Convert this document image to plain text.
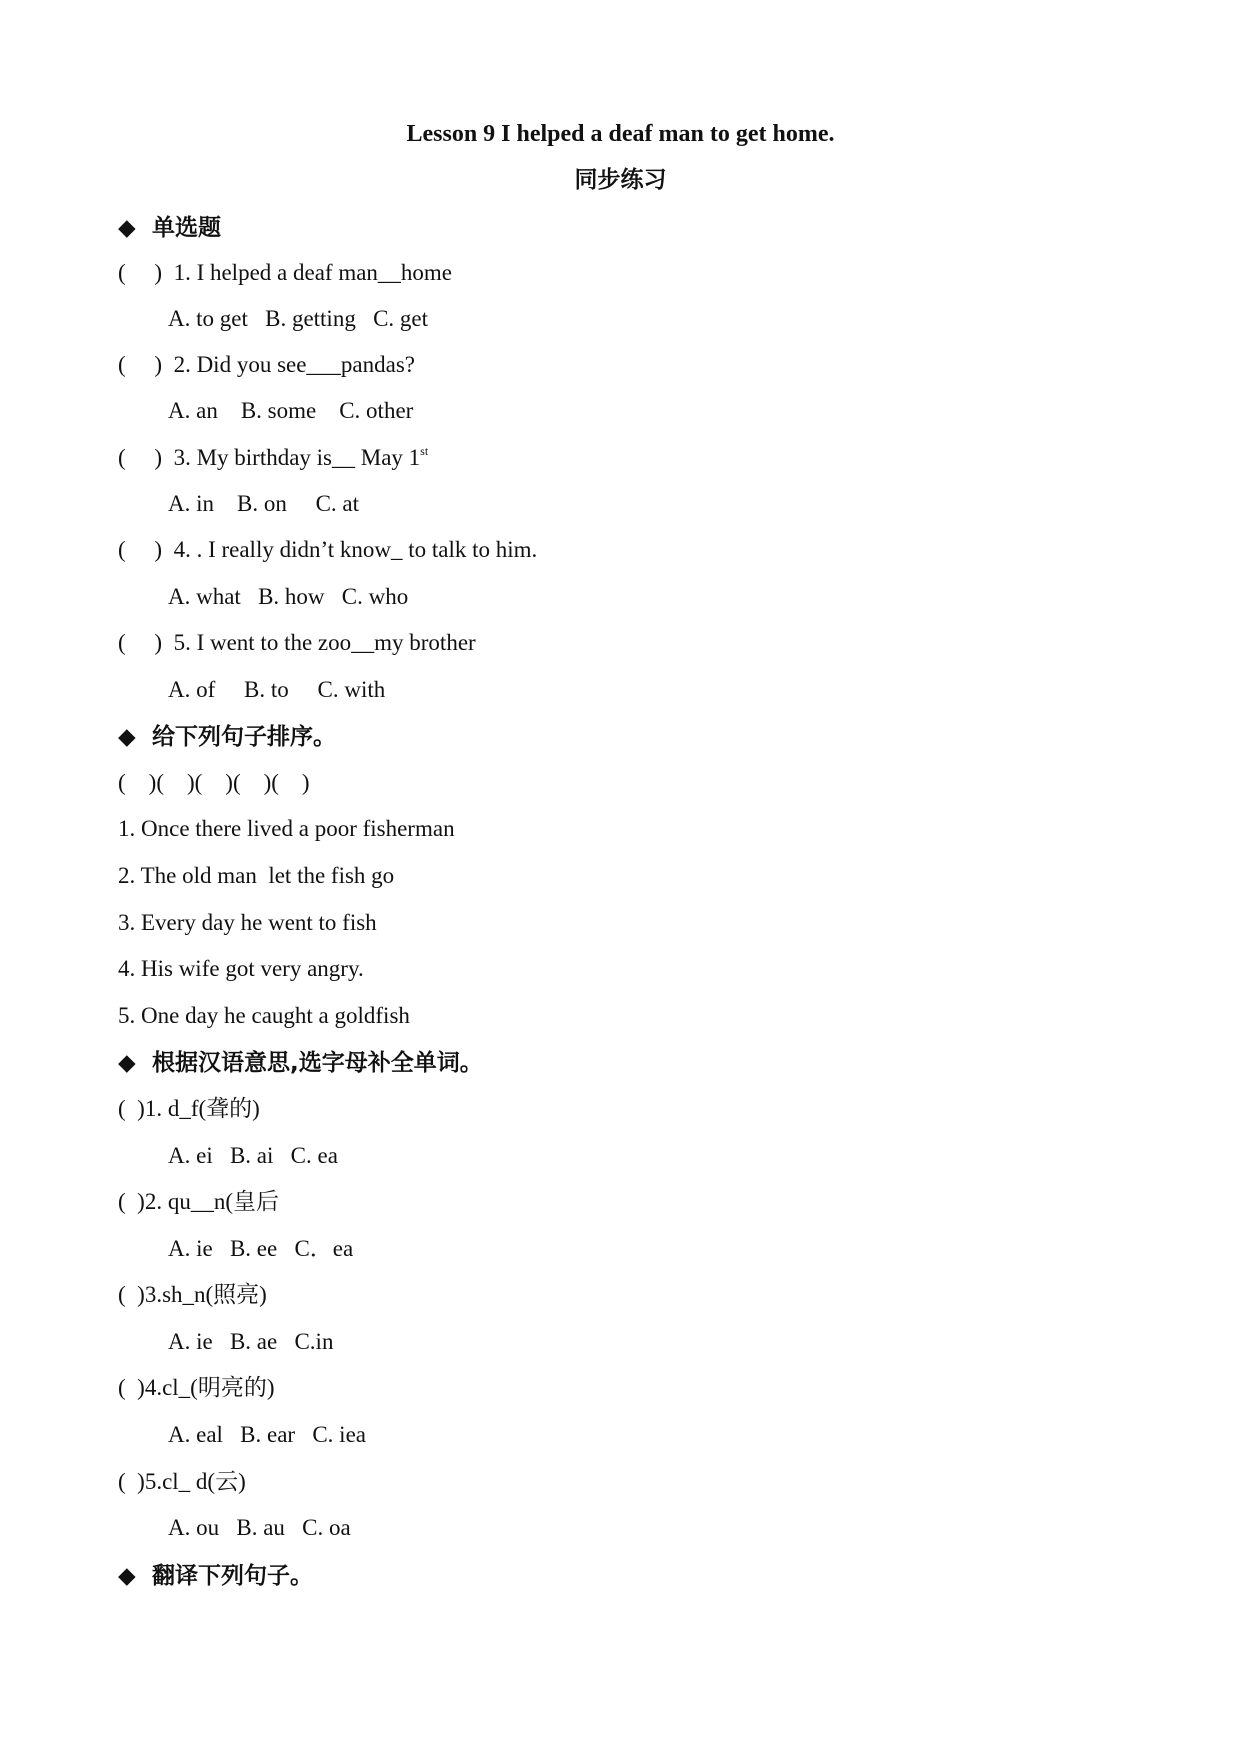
Lesson 9 I helped a deaf man to get home.
同步练习
◆ 单选题
(     )  1. I helped a deaf man__home
A. to get   B. getting   C. get
(     )  2. Did you see___pandas?
A. an    B. some    C. other
(     )  3. My birthday is__ May 1st
A. in    B. on     C. at
(     )  4. . I really didn’t know_ to talk to him.
A. what   B. how   C. who
(     )  5. I went to the zoo__my brother
A. of     B. to     C. with
◆ 给下列句子排序。
(    )(    )(    )(    )(    )
1. Once there lived a poor fisherman
2. The old man  let the fish go
3. Every day he went to fish
4. His wife got very angry.
5. One day he caught a goldfish
◆ 根据汉语意思,选字母补全单词。
(  )1. d_f(聋的)
A. ei   B. ai   C. ea
(  )2. qu__n(皇后
A. ie   B. ee   C．ea
(  )3.sh_n(照亮)
A. ie   B. ae   C.in
(  )4.cl_(明亮的)
A. eal   B. ear   C. iea
(  )5.cl_ d(云)
A. ou   B. au   C. oa
◆ 翻译下列句子。
